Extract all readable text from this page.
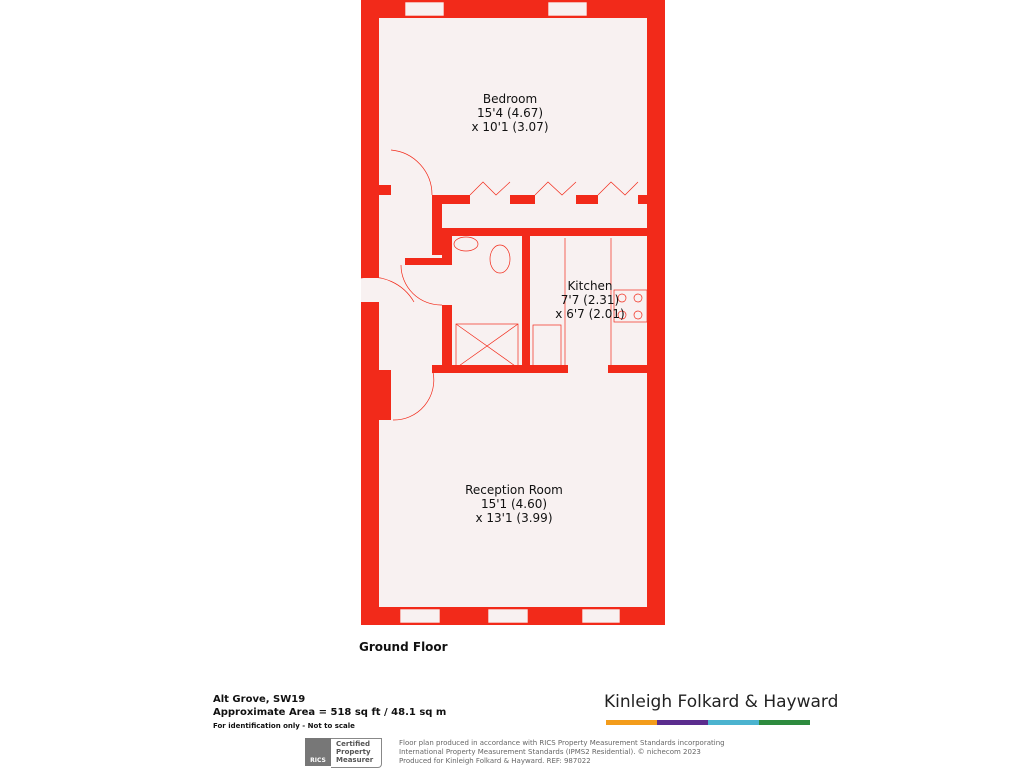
Bedroom
15'4 (4.67)
x 10'1 (3.07)
Kitchen
7'7 (2.31)
x 6'7 (2.01)
Reception Room
15'1 (4.60)
x 13'1 (3.99)
Ground Floor
Alt Grove, SW19
Approximate Area = 518 sq ft / 48.1 sq m
For identification only - Not to scale
Kinleigh Folkard & Hayward
RICS
Certified
Property
Measurer
Floor plan produced in accordance with RICS Property Measurement Standards incorporating
International Property Measurement Standards (IPMS2 Residential). © nichecom 2023
Produced for Kinleigh Folkard & Hayward. REF: 987022
